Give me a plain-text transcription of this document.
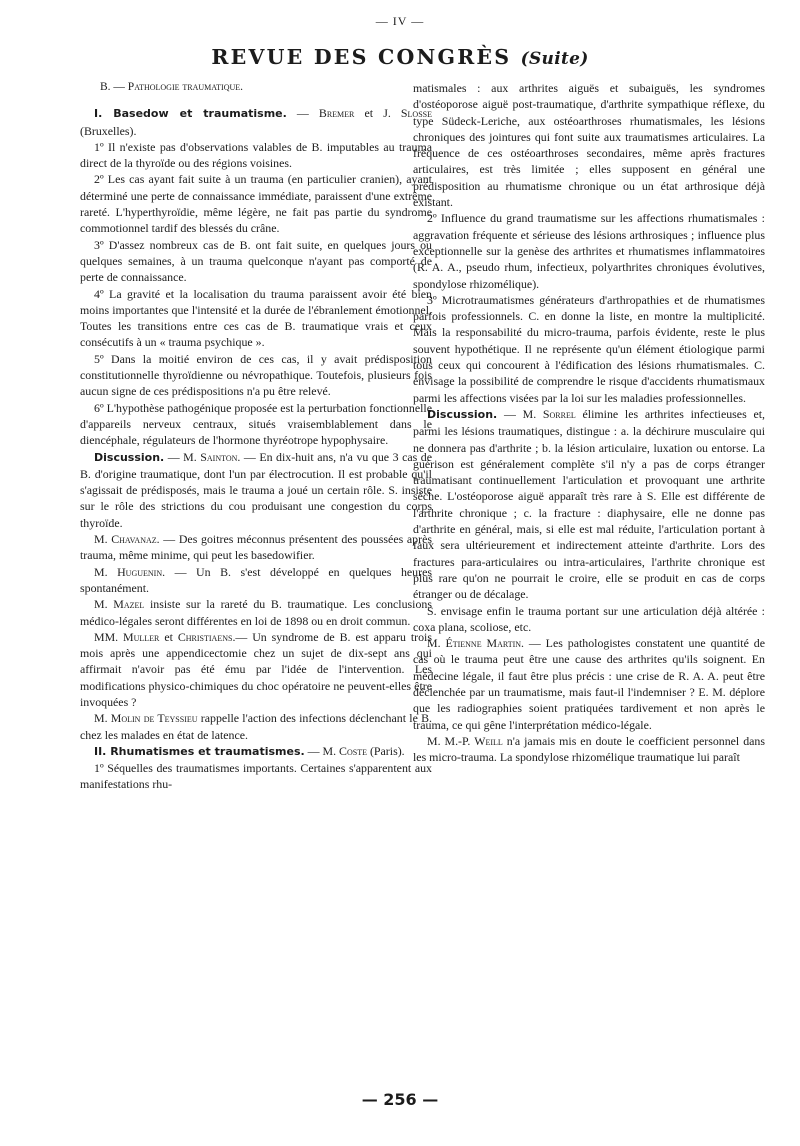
— IV —
REVUE DES CONGRÈS (Suite)

B. — Pathologie traumatique.

I. Basedow et traumatisme. — Bremer et J. Slosse (Bruxelles).

1º Il n'existe pas d'observations valables de B. imputables au trauma direct de la thyroïde ou des régions voisines.

2º Les cas ayant fait suite à un trauma (en particulier cranien), ayant déterminé une perte de connaissance immédiate, paraissent d'une extrême rareté. L'hyperthyroïdie, même légère, ne fait pas partie du syndrome commotionnel tardif des blessés du crâne.

3º D'assez nombreux cas de B. ont fait suite, en quelques jours ou quelques semaines, à un trauma quelconque n'ayant pas comporté de perte de connaissance.

4º La gravité et la localisation du trauma paraissent avoir été bien moins importantes que l'intensité et la durée de l'ébranlement émotionnel. Toutes les transitions entre ces cas de B. traumatique vrais et ceux consécutifs à un « trauma psychique ».

5º Dans la moitié environ de ces cas, il y avait prédisposition constitutionnelle thyroïdienne ou névropathique. Toutefois, plusieurs fois aucun signe de ces prédispositions n'a pu être relevé.

6º L'hypothèse pathogénique proposée est la perturbation fonctionnelle d'appareils nerveux centraux, situés vraisemblablement dans le diencéphale, régulateurs de l'hormone thyréotrope hypophysaire.

Discussion. — M. Sainton. — En dix-huit ans, n'a vu que 3 cas de B. d'origine traumatique, dont l'un par électrocution. Il est probable qu'il s'agissait de prédisposés, mais le trauma a joué un certain rôle. S. insiste sur le rôle des strictions du cou produisant une congestion du corps thyroïde.

M. Chavanaz. — Des goitres méconnus présentent des poussées après trauma, même minime, qui peut les basedowifier.

M. Huguenin. — Un B. s'est développé en quelques heures spontanément.

M. Mazel insiste sur la rareté du B. traumatique. Les conclusions médico-légales seront différentes en loi de 1898 ou en droit commun.

MM. Muller et Christiaens.— Un syndrome de B. est apparu trois mois après une appendicectomie chez un sujet de dix-sept ans qui affirmait n'avoir pas été ému par l'idée de l'intervention. Les modifications physico-chimiques du choc opératoire ne peuvent-elles être invoquées ?

M. Molin de Teyssieu rappelle l'action des infections déclenchant le B. chez les malades en état de latence.

II. Rhumatismes et traumatismes. — M. Coste (Paris).

1º Séquelles des traumatismes importants. Certaines s'apparentent aux manifestations rhu-

matismales : aux arthrites aiguës et subaiguës, les syndromes d'ostéoporose aiguë post-traumatique, d'arthrite sympathique réflexe, du type Südeck-Leriche, aux ostéoarthroses rhumatismales, les lésions chroniques des jointures qui font suite aux traumatismes articulaires. La fréquence de ces ostéoarthroses secondaires, même après fractures articulaires, est très limitée ; elles supposent en général une prédisposition au rhumatisme chronique ou un état arthrosique déjà existant.

2º Influence du grand traumatisme sur les affections rhumatismales : aggravation fréquente et sérieuse des lésions arthrosiques ; influence plus exceptionnelle sur la genèse des arthrites et rhumatismes inflammatoires (R. A. A., pseudo rhum, infectieux, polyarthrites chroniques évolutives, spondylose rhizomélique).

3º Microtraumatismes générateurs d'arthropathies et de rhumatismes parfois professionnels. C. en donne la liste, en montre la multiplicité. Mais la responsabilité du micro-trauma, parfois évidente, reste le plus souvent hypothétique. Il ne représente qu'un élément étiologique parmi tous ceux qui concourent à l'édification des lésions rhumatismales. C. envisage la possibilité de comprendre le risque d'accidents rhumatismaux parmi les affections visées par la loi sur les maladies professionnelles.

Discussion. — M. Sorrel élimine les arthrites infectieuses et, parmi les lésions traumatiques, distingue : a. la déchirure musculaire qui ne donnera pas d'arthrite ; b. la lésion articulaire, luxation ou entorse. La guérison est généralement complète s'il n'y a pas de corps étranger traumatisant continuellement l'articulation et provoquant une arthrite sèche. L'ostéoporose aiguë apparaît très rare à S. Elle est différente de l'arthrite chronique ; c. la fracture : diaphysaire, elle ne donne pas d'arthrite en général, mais, si elle est mal réduite, l'articulation portant à faux sera ultérieurement et indirectement atteinte d'arthrite. Lors des fractures para-articulaires ou intra-articulaires, l'arthrite chronique est plus rare qu'on ne pourrait le croire, elle se produit en cas de corps étranger ou de décalage.

S. envisage enfin le trauma portant sur une articulation déjà altérée : coxa plana, scoliose, etc.

M. Étienne Martin. — Les pathologistes constatent une quantité de cas où le trauma peut être une cause des arthrites qu'ils soignent. En médecine légale, il faut être plus précis : une crise de R. A. A. peut être déclenchée par un traumatisme, mais faut-il l'indemniser ? E. M. déplore que les radiographies soient pratiquées tardivement et non après le trauma, ce qui gêne l'interprétation médico-légale.

M. M.-P. Weill n'a jamais mis en doute le coefficient personnel dans les micro-trauma. La spondylose rhizomélique traumatique lui paraît

— 256 —
